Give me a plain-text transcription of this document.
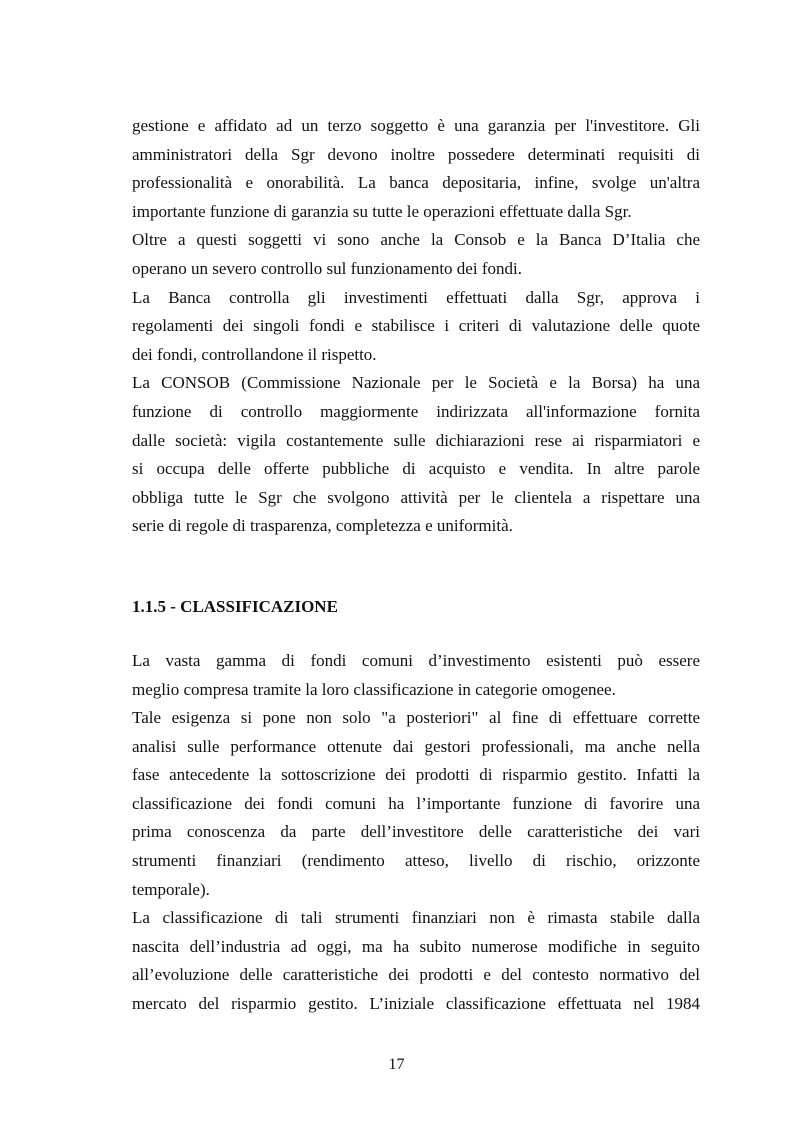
gestione e affidato ad un terzo soggetto è una garanzia per l'investitore. Gli
amministratori della Sgr devono inoltre possedere determinati requisiti di
professionalità e onorabilità. La banca depositaria, infine, svolge un'altra
importante funzione di garanzia su tutte le operazioni effettuate dalla Sgr.
Oltre a questi soggetti vi sono anche la Consob e la Banca D’Italia che
operano un severo controllo sul funzionamento dei fondi.
La Banca controlla gli investimenti effettuati dalla Sgr, approva i
regolamenti dei singoli fondi e stabilisce i criteri di valutazione delle quote
dei fondi, controllandone il rispetto.
La CONSOB (Commissione Nazionale per le Società e la Borsa) ha una
funzione di controllo maggiormente indirizzata all'informazione fornita
dalle società: vigila costantemente sulle dichiarazioni rese ai risparmiatori e
si occupa delle offerte pubbliche di acquisto e vendita. In altre parole
obbliga tutte le Sgr che svolgono attività per le clientela a rispettare una
serie di regole di trasparenza, completezza e uniformità.
1.1.5 - CLASSIFICAZIONE
La vasta gamma di fondi comuni d’investimento esistenti può essere
meglio compresa tramite la loro classificazione in categorie omogenee.
Tale esigenza si pone non solo "a posteriori" al fine di effettuare corrette
analisi sulle performance ottenute dai gestori professionali, ma anche nella
fase antecedente la sottoscrizione dei prodotti di risparmio gestito. Infatti la
classificazione dei fondi comuni ha l’importante funzione di favorire una
prima conoscenza da parte dell’investitore delle caratteristiche dei vari
strumenti finanziari (rendimento atteso, livello di rischio, orizzonte
temporale).
La classificazione di tali strumenti finanziari non è rimasta stabile dalla
nascita dell’industria ad oggi, ma ha subito numerose modifiche in seguito
all’evoluzione delle caratteristiche dei prodotti e del contesto normativo del
mercato del risparmio gestito. L’iniziale classificazione effettuata nel 1984
17
